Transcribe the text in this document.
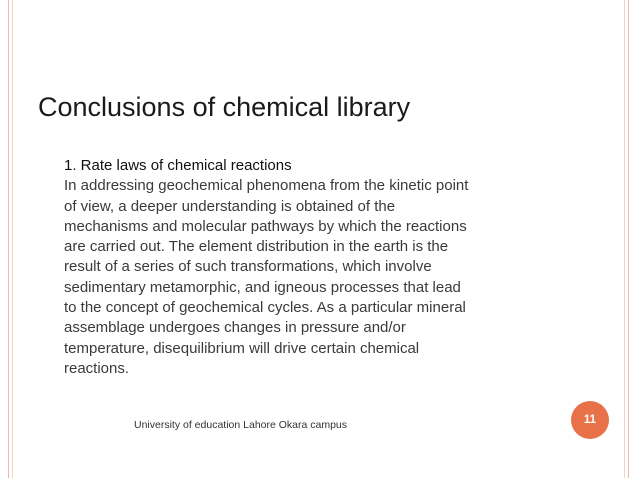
Conclusions of chemical library
1. Rate laws of chemical reactions
In addressing geochemical phenomena from the kinetic point of view, a deeper understanding is obtained of the mechanisms and molecular pathways by which the reactions are carried out. The element distribution in the earth is the result of a series of such transformations, which involve sedimentary metamorphic, and igneous processes that lead to the concept of geochemical cycles. As a particular mineral assemblage undergoes changes in pressure and/or temperature, disequilibrium will drive certain chemical reactions.
University of education Lahore Okara campus	11
